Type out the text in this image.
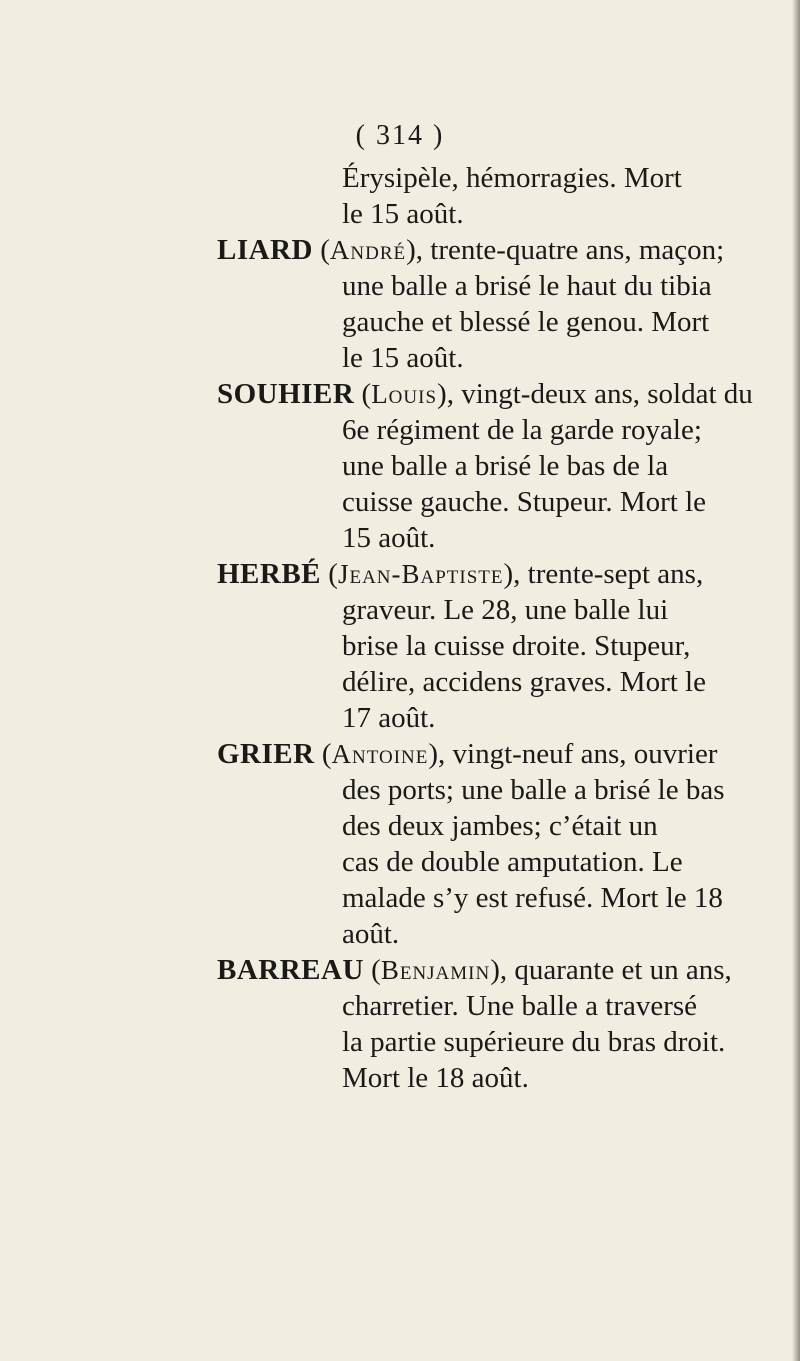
( 314 )
Érysipèle, hémorragies. Mort
le 15 août.
LIARD (André), trente-quatre ans, maçon;
une balle a brisé le haut du tibia
gauche et blessé le genou. Mort
le 15 août.
SOUHIER (Louis), vingt-deux ans, soldat du
6e régiment de la garde royale;
une balle a brisé le bas de la
cuisse gauche. Stupeur. Mort le
15 août.
HERBÉ (Jean-Baptiste), trente-sept ans,
graveur. Le 28, une balle lui
brise la cuisse droite. Stupeur,
délire, accidens graves. Mort le
17 août.
GRIER (Antoine), vingt-neuf ans, ouvrier
des ports; une balle a brisé le bas
des deux jambes; c’était un
cas de double amputation. Le
malade s’y est refusé. Mort le 18
août.
BARREAU (Benjamin), quarante et un ans,
charretier. Une balle a traversé
la partie supérieure du bras droit.
Mort le 18 août.
